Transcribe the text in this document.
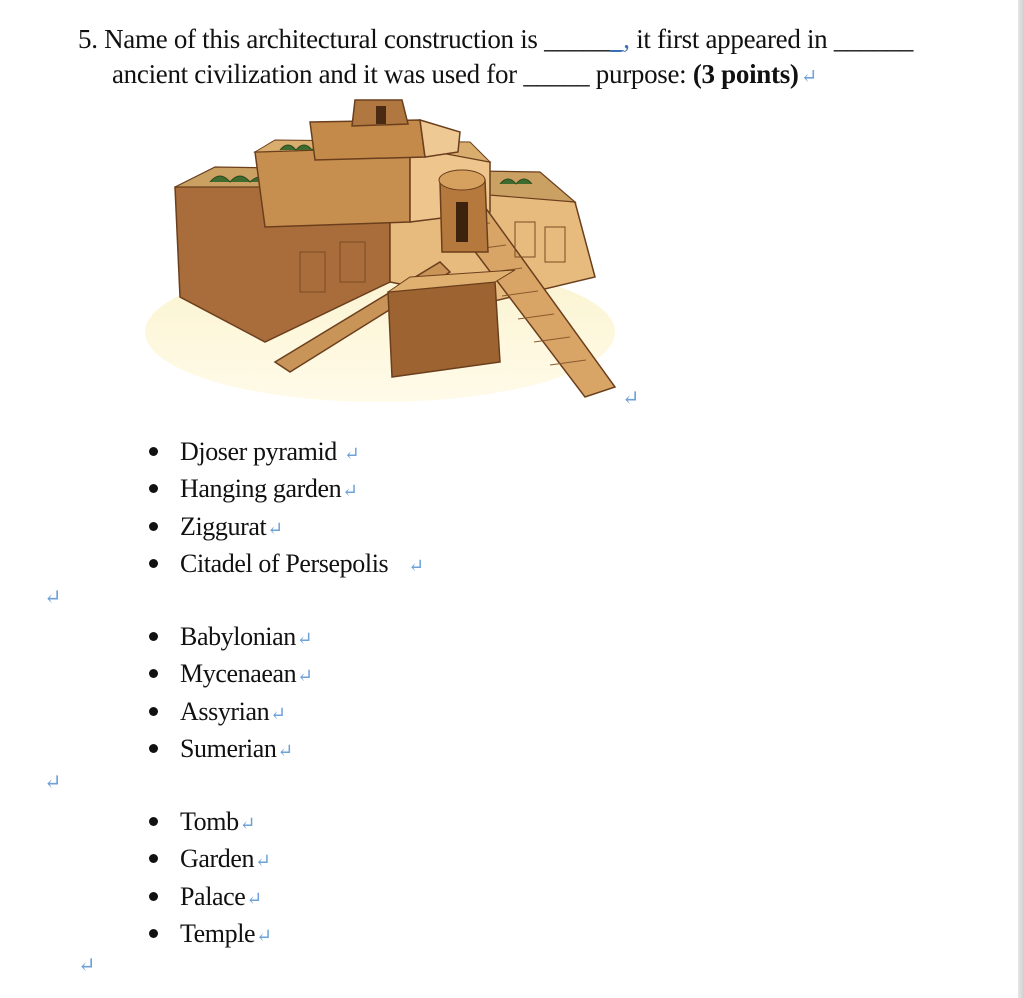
5. Name of this architectural construction is ______, it first appeared in ______
ancient civilization and it was used for _____ purpose: (3 points) ↵
↵
Djoser pyramid ↵
Hanging garden↵
Ziggurat↵
Citadel of Persepolis ↵
↵
Babylonian↵
Mycenaean↵
Assyrian↵
Sumerian↵
↵
Tomb↵
Garden↵
Palace↵
Temple↵
↵
